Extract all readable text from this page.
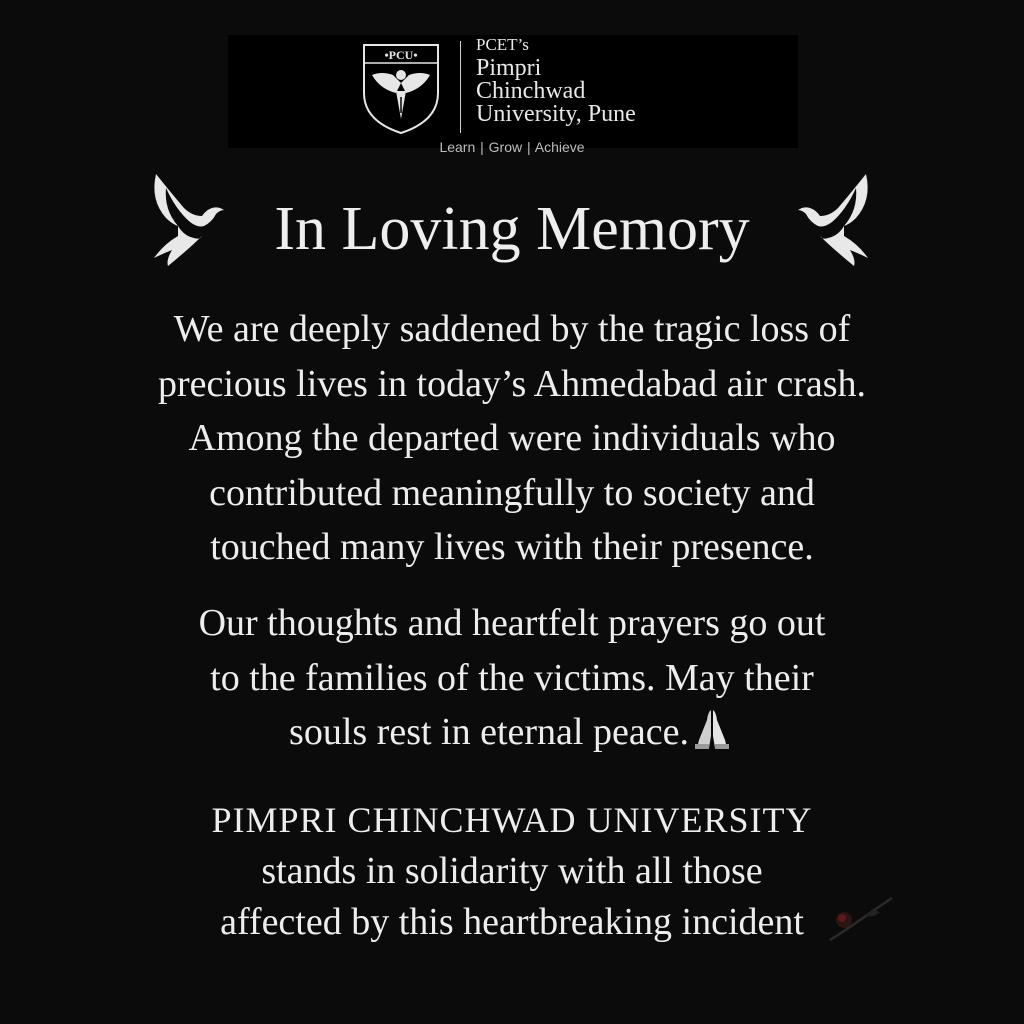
•PCU•
PCET’s
Pimpri
Chinchwad
University, Pune
Learn | Grow | Achieve
In Loving Memory
We are deeply saddened by the tragic loss of
precious lives in today’s Ahmedabad air crash.
Among the departed were individuals who
contributed meaningfully to society and
touched many lives with their presence.
Our thoughts and heartfelt prayers go out
to the families of the victims. May their
souls rest in eternal peace.
PIMPRI CHINCHWAD UNIVERSITY
stands in solidarity with all those
affected by this heartbreaking incident
